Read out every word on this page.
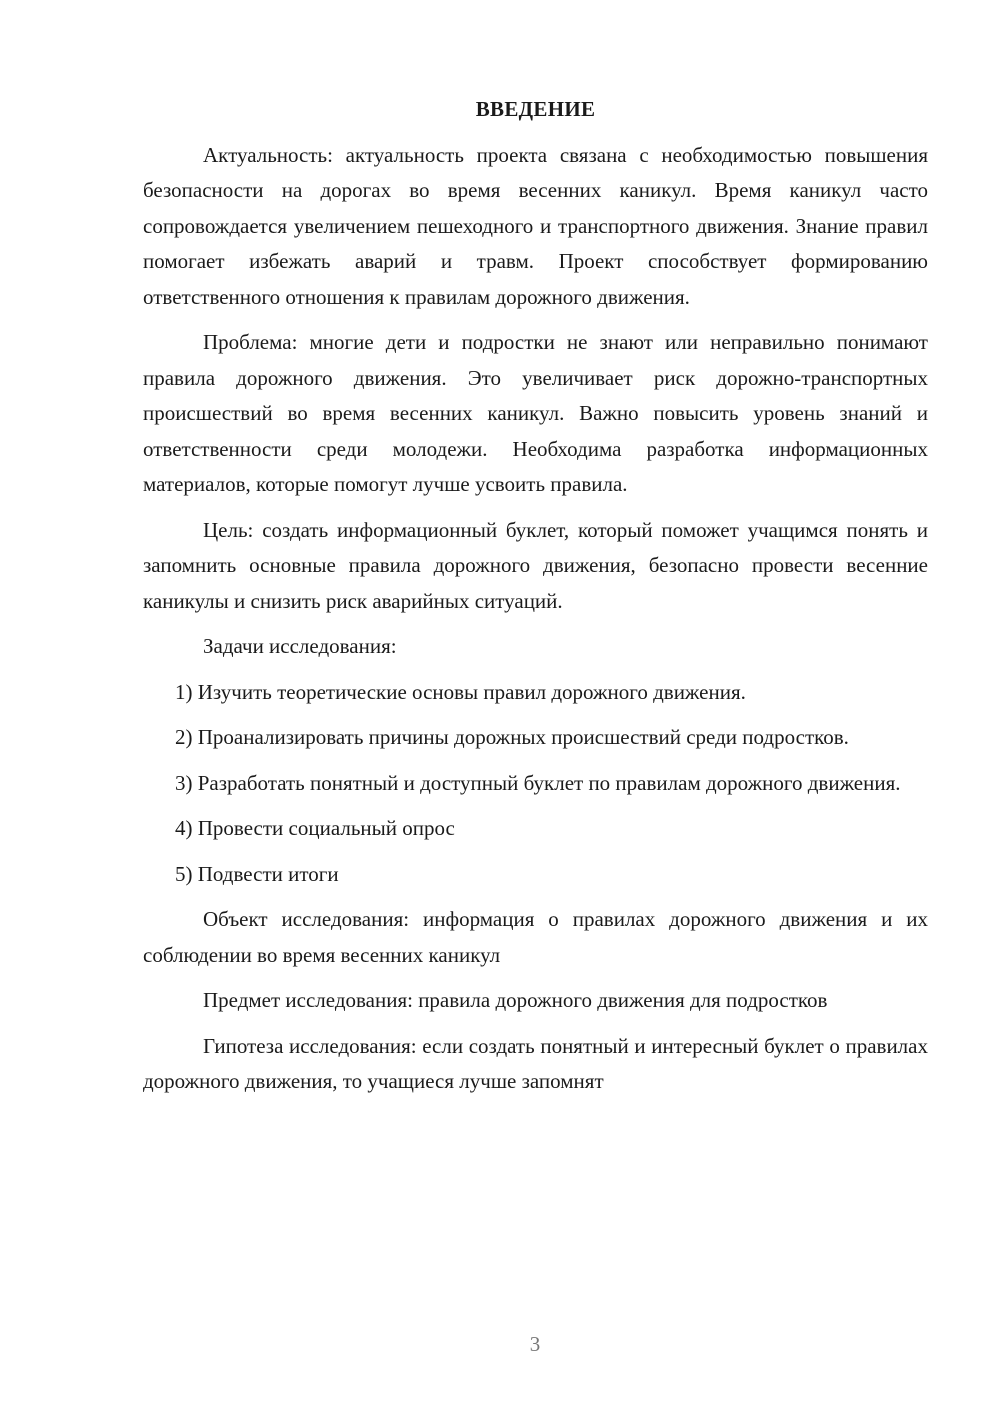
ВВЕДЕНИЕ

Актуальность: актуальность проекта связана с необходимостью повышения безопасности на дорогах во время весенних каникул. Время каникул часто сопровождается увеличением пешеходного и транспортного движения. Знание правил помогает избежать аварий и травм. Проект способствует формированию ответственного отношения к правилам дорожного движения.

Проблема: многие дети и подростки не знают или неправильно понимают правила дорожного движения. Это увеличивает риск дорожно-транспортных происшествий во время весенних каникул. Важно повысить уровень знаний и ответственности среди молодежи. Необходима разработка информационных материалов, которые помогут лучше усвоить правила.

Цель: создать информационный буклет, который поможет учащимся понять и запомнить основные правила дорожного движения, безопасно провести весенние каникулы и снизить риск аварийных ситуаций.

Задачи исследования:

1) Изучить теоретические основы правил дорожного движения.

2) Проанализировать причины дорожных происшествий среди подростков.

3) Разработать понятный и доступный буклет по правилам дорожного движения.

4) Провести социальный опрос

5) Подвести итоги

Объект исследования: информация о правилах дорожного движения и их соблюдении во время весенних каникул

Предмет исследования: правила дорожного движения для подростков

Гипотеза исследования: если создать понятный и интересный буклет о правилах дорожного движения, то учащиеся лучше запомнят

3
